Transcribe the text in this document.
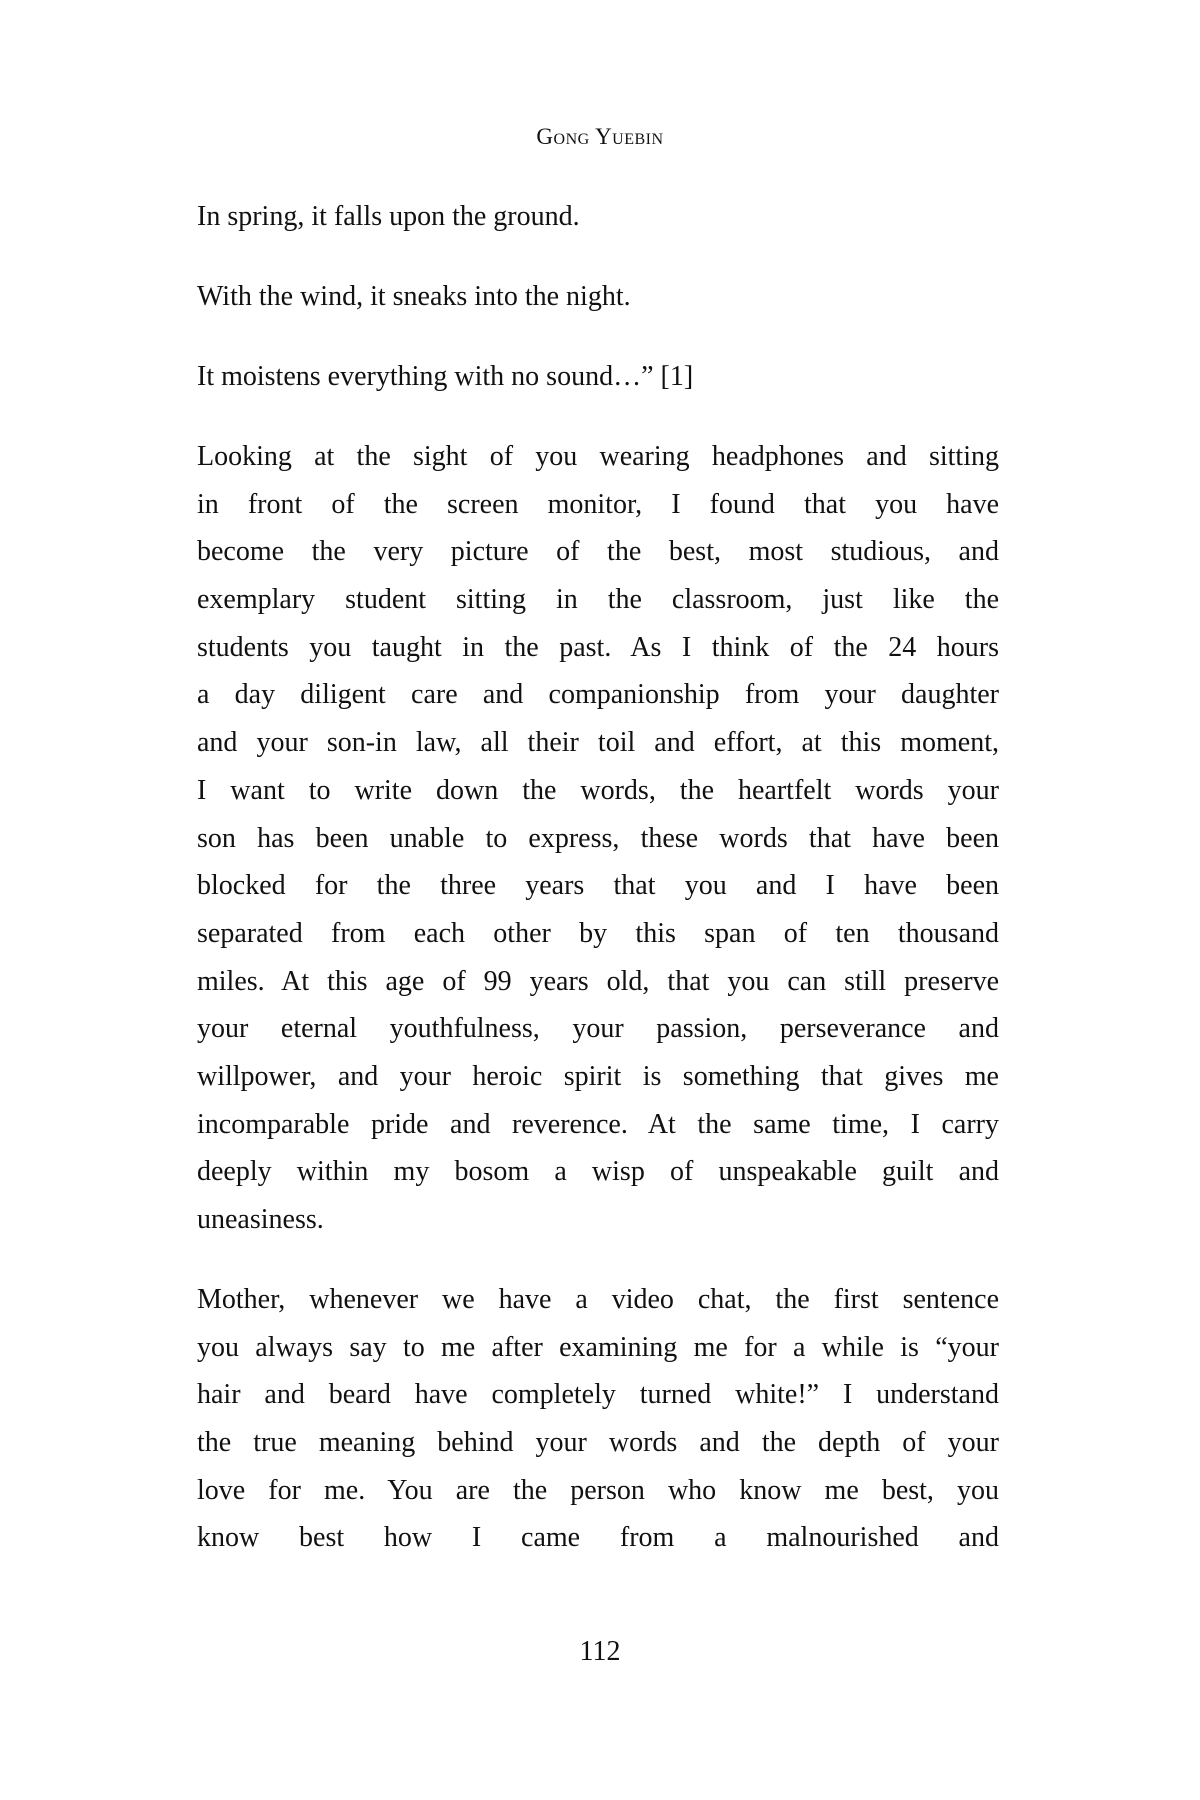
Gong Yuebin
In spring, it falls upon the ground.
With the wind, it sneaks into the night.
It moistens everything with no sound…” [1]
Looking at the sight of you wearing headphones and sitting
in front of the screen monitor, I found that you have
become the very picture of the best, most studious, and
exemplary student sitting in the classroom, just like the
students you taught in the past. As I think of the 24 hours
a day diligent care and companionship from your daughter
and your son-in law, all their toil and effort, at this moment,
I want to write down the words, the heartfelt words your
son has been unable to express, these words that have been
blocked for the three years that you and I have been
separated from each other by this span of ten thousand
miles. At this age of 99 years old, that you can still preserve
your eternal youthfulness, your passion, perseverance and
willpower, and your heroic spirit is something that gives me
incomparable pride and reverence. At the same time, I carry
deeply within my bosom a wisp of unspeakable guilt and
uneasiness.
Mother, whenever we have a video chat, the first sentence
you always say to me after examining me for a while is “your
hair and beard have completely turned white!” I understand
the true meaning behind your words and the depth of your
love for me. You are the person who know me best, you
know best how I came from a malnourished and
112
